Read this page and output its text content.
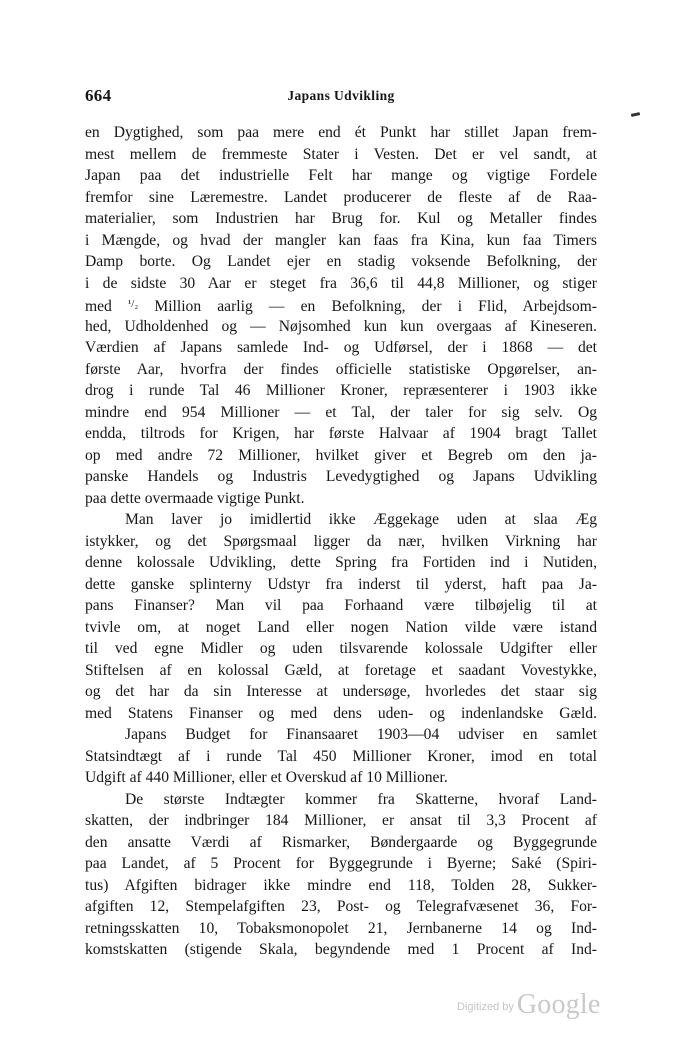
664	Japans Udvikling
en Dygtighed, som paa mere end ét Punkt har stillet Japan frem-
mest mellem de fremmeste Stater i Vesten. Det er vel sandt, at
Japan paa det industrielle Felt har mange og vigtige Fordele
fremfor sine Læremestre. Landet producerer de fleste af de Raa-
materialier, som Industrien har Brug for. Kul og Metaller findes
i Mængde, og hvad der mangler kan faas fra Kina, kun faa Timers
Damp borte. Og Landet ejer en stadig voksende Befolkning, der
i de sidste 30 Aar er steget fra 36,6 til 44,8 Millioner, og stiger
med $^{^1/_2}$ Million aarlig — en Befolkning, der i Flid, Arbejdsom-
hed, Udholdenhed og — Nøjsomhed kun kun overgaas af Kineseren.
Værdien af Japans samlede Ind- og Udførsel, der i 1868 — det
første Aar, hvorfra der findes officielle statistiske Opgørelser, an-
drog i runde Tal 46 Millioner Kroner, repræsenterer i 1903 ikke
mindre end 954 Millioner — et Tal, der taler for sig selv. Og
endda, tiltrods for Krigen, har første Halvaar af 1904 bragt Tallet
op med andre 72 Millioner, hvilket giver et Begreb om den ja-
panske Handels og Industris Levedygtighed og Japans Udvikling
paa dette overmaade vigtige Punkt.
Man laver jo imidlertid ikke Æggekage uden at slaa Æg
istykker, og det Spørgsmaal ligger da nær, hvilken Virkning har
denne kolossale Udvikling, dette Spring fra Fortiden ind i Nutiden,
dette ganske splinterny Udstyr fra inderst til yderst, haft paa Ja-
pans Finanser? Man vil paa Forhaand være tilbøjelig til at
tvivle om, at noget Land eller nogen Nation vilde være istand
til ved egne Midler og uden tilsvarende kolossale Udgifter eller
Stiftelsen af en kolossal Gæld, at foretage et saadant Vovestykke,
og det har da sin Interesse at undersøge, hvorledes det staar sig
med Statens Finanser og med dens uden- og indenlandske Gæld.
Japans Budget for Finansaaret 1903—04 udviser en samlet
Statsindtægt af i runde Tal 450 Millioner Kroner, imod en total
Udgift af 440 Millioner, eller et Overskud af 10 Millioner.
De største Indtægter kommer fra Skatterne, hvoraf Land-
skatten, der indbringer 184 Millioner, er ansat til 3,3 Procent af
den ansatte Værdi af Rismarker, Bøndergaarde og Byggegrunde
paa Landet, af 5 Procent for Byggegrunde i Byerne; Saké (Spiri-
tus) Afgiften bidrager ikke mindre end 118, Tolden 28, Sukker-
afgiften 12, Stempelafgiften 23, Post- og Telegrafvæsenet 36, For-
retningsskatten 10, Tobaksmonopolet 21, Jernbanerne 14 og Ind-
komstskatten (stigende Skala, begyndende med 1 Procent af Ind-
Digitized by Google
